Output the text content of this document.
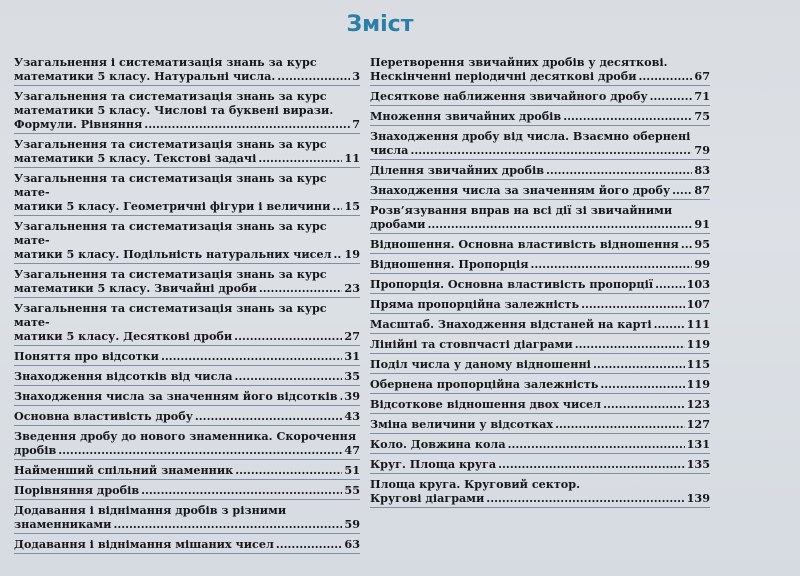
Зміст
Узагальнення і систематизація знань за курс
математики 5 класу. Натуральні числа. .....	3
Узагальнення та систематизація знань за курс
математики 5 класу. Числові та буквені вирази.
Формули. Рівняння .....	7
Узагальнення та систематизація знань за курс
математики 5 класу. Текстові задачі .....	11
Узагальнення та систематизація знань за курс мате-
матики 5 класу. Геометричні фігури і величини ..... 15
Узагальнення та систематизація знань за курс мате-
матики 5 класу. Подільність натуральних чисел ..... 19
Узагальнення та систематизація знань за курс
математики 5 класу. Звичайні дроби .....	23
Узагальнення та систематизація знань за курс мате-
матики 5 класу. Десяткові дроби .....	27
Поняття про відсотки .....	31
Знаходження відсотків від числа .....	35
Знаходження числа за значенням його відсотків ..... 39
Основна властивість дробу .....	43
Зведення дробу до нового знаменника. Скорочення
дробів .....	47
Найменший спільний знаменник .....	51
Порівняння дробів .....	55
Додавання і віднімання дробів з різними
знаменниками .....	59
Додавання і віднімання мішаних чисел .....	63
Перетворення звичайних дробів у десяткові.
Нескінченні періодичні десяткові дроби .....	67
Десяткове наближення звичайного дробу .....	71
Множення звичайних дробів .....	75
Знаходження дробу від числа. Взаємно обернені
числа .....	79
Ділення звичайних дробів .....	83
Знаходження числа за значенням його дробу ..... 87
Розв’язування вправ на всі дії зі звичайними
дробами .....	91
Відношення. Основна властивість відношення ..... 95
Відношення. Пропорція .....	99
Пропорція. Основна властивість пропорції .....	103
Пряма пропорційна залежність .....	107
Масштаб. Знаходження відстаней на карті .....	111
Лінійні та стовпчасті діаграми .....	119
Поділ числа у даному відношенні .....	115
Обернена пропорційна залежність .....	119
Відсоткове відношення двох чисел .....	123
Зміна величини у відсотках .....	127
Коло. Довжина кола .....	131
Круг. Площа круга .....	135
Площа круга. Круговий сектор.
Кругові діаграми .....	139
